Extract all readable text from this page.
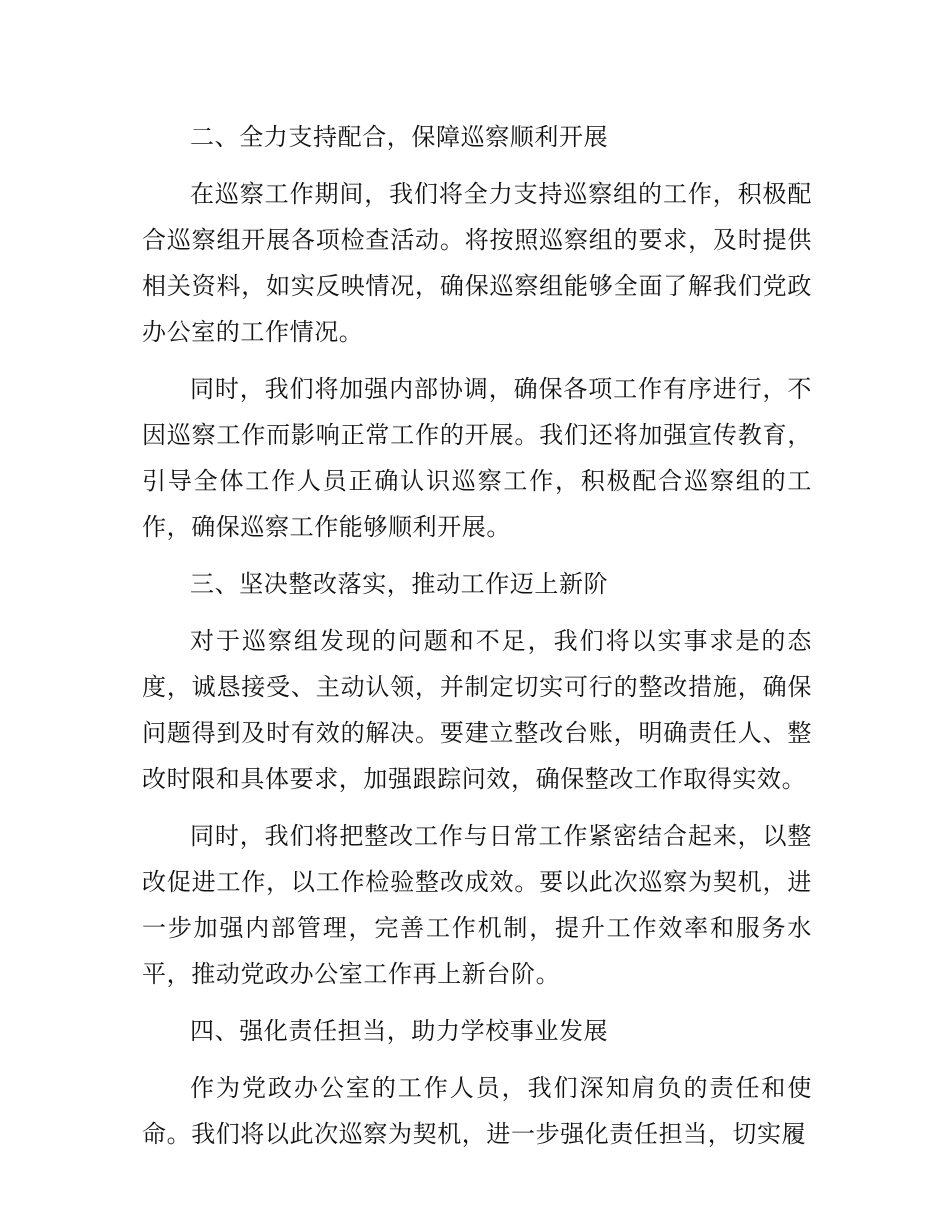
二、全力支持配合，保障巡察顺利开展

在巡察工作期间，我们将全力支持巡察组的工作，积极配合巡察组开展各项检查活动。将按照巡察组的要求，及时提供相关资料，如实反映情况，确保巡察组能够全面了解我们党政办公室的工作情况。

同时，我们将加强内部协调，确保各项工作有序进行，不因巡察工作而影响正常工作的开展。我们还将加强宣传教育，引导全体工作人员正确认识巡察工作，积极配合巡察组的工作，确保巡察工作能够顺利开展。

三、坚决整改落实，推动工作迈上新阶

对于巡察组发现的问题和不足，我们将以实事求是的态度，诚恳接受、主动认领，并制定切实可行的整改措施，确保问题得到及时有效的解决。要建立整改台账，明确责任人、整改时限和具体要求，加强跟踪问效，确保整改工作取得实效。

同时，我们将把整改工作与日常工作紧密结合起来，以整改促进工作，以工作检验整改成效。要以此次巡察为契机，进一步加强内部管理，完善工作机制，提升工作效率和服务水平，推动党政办公室工作再上新台阶。

四、强化责任担当，助力学校事业发展

作为党政办公室的工作人员，我们深知肩负的责任和使命。我们将以此次巡察为契机，进一步强化责任担当，切实履
